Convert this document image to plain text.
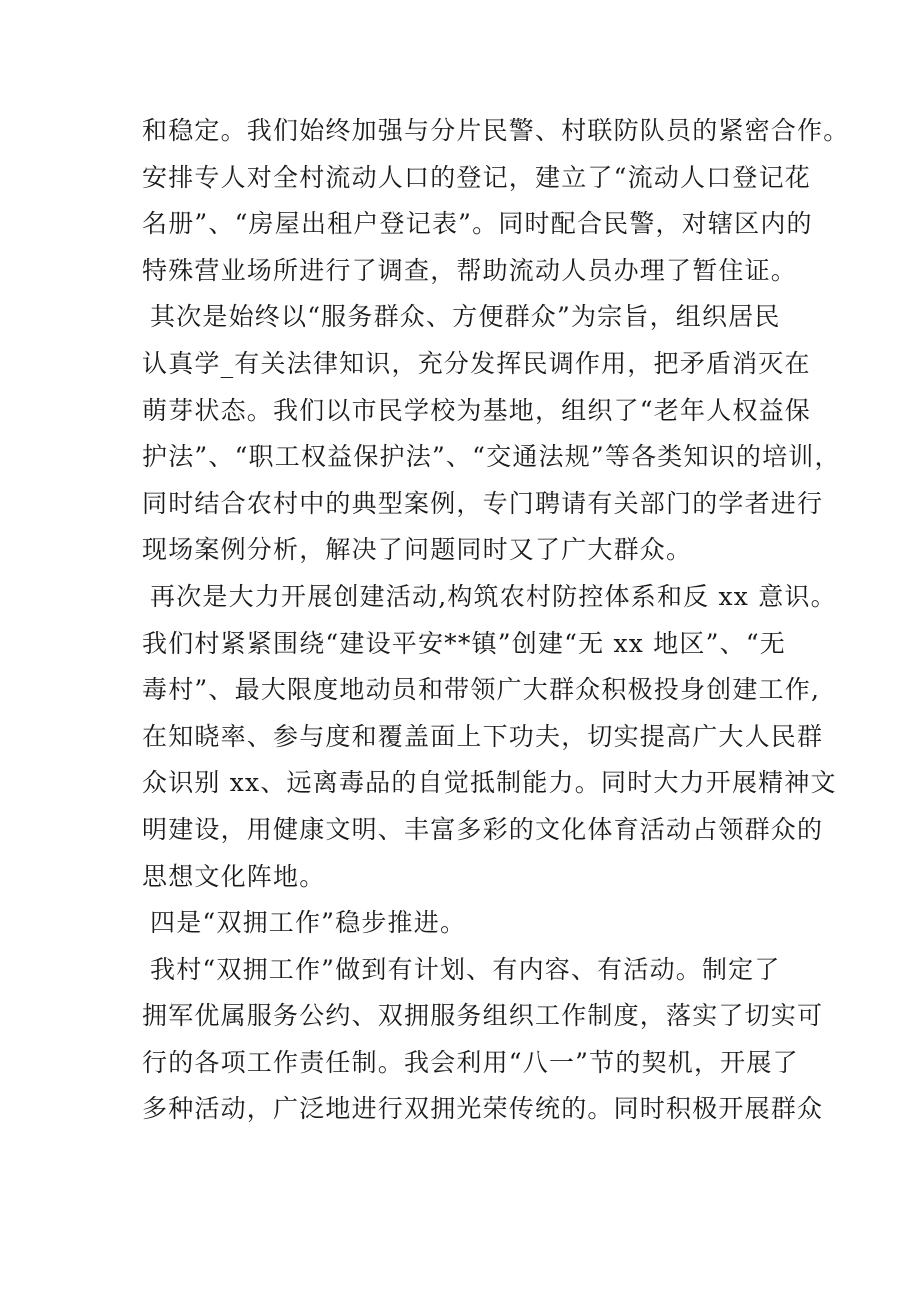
和稳定。我们始终加强与分片民警、村联防队员的紧密合作。
安排专人对全村流动人口的登记，建立了“流动人口登记花
名册”、“房屋出租户登记表”。同时配合民警，对辖区内的
特殊营业场所进行了调查，帮助流动人员办理了暂住证。
其次是始终以“服务群众、方便群众”为宗旨，组织居民
认真学_有关法律知识，充分发挥民调作用，把矛盾消灭在
萌芽状态。我们以市民学校为基地，组织了“老年人权益保
护法”、“职工权益保护法”、“交通法规”等各类知识的培训，
同时结合农村中的典型案例，专门聘请有关部门的学者进行
现场案例分析，解决了问题同时又了广大群众。
再次是大力开展创建活动,构筑农村防控体系和反 xx 意识。
我们村紧紧围绕“建设平安**镇”创建“无 xx 地区”、“无
毒村”、最大限度地动员和带领广大群众积极投身创建工作,
在知晓率、参与度和覆盖面上下功夫，切实提高广大人民群
众识别 xx、远离毒品的自觉抵制能力。同时大力开展精神文
明建设，用健康文明、丰富多彩的文化体育活动占领群众的
思想文化阵地。
四是“双拥工作”稳步推进。
我村“双拥工作”做到有计划、有内容、有活动。制定了
拥军优属服务公约、双拥服务组织工作制度，落实了切实可
行的各项工作责任制。我会利用“八一”节的契机，开展了
多种活动，广泛地进行双拥光荣传统的。同时积极开展群众
